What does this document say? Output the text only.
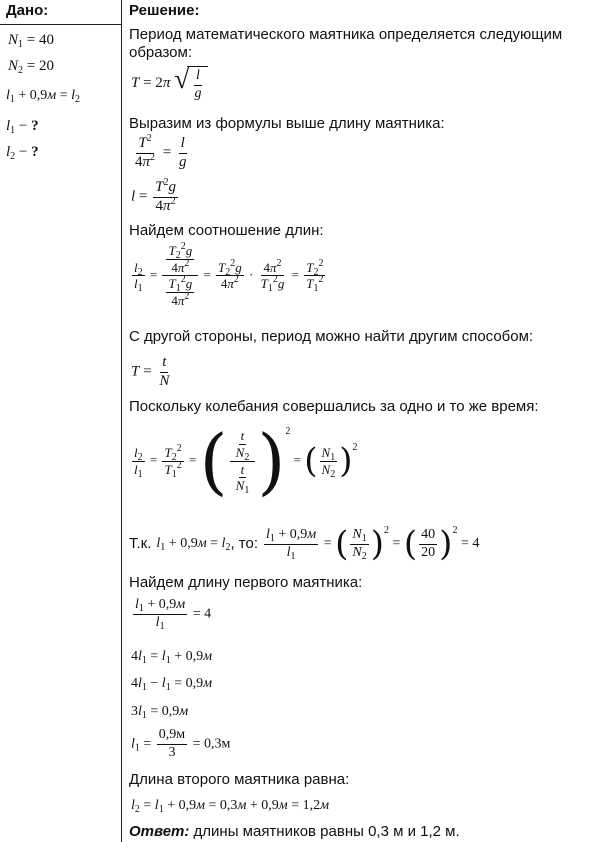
Дано:	Решение:
$N_1 = 40$
$N_2 = 20$
$l_1 + 0,9м = l_2$
$l_1$ − ?
$l_2$ − ?
Период математического маятника определяется следующим
образом:
T = 2π √ $\frac{l}{g}$
Выразим из формулы выше длину маятника:
$\frac{T^2}{4\pi^2} = \frac{l}{g}$
$l = \frac{T^2g}{4\pi^2}$
Найдем соотношение длин:
$\frac{l_2}{l_1} = \frac{\frac{T_2^2g}{4\pi^2}}{\frac{T_1^2g}{4\pi^2}} = \frac{T_2^2g}{4\pi^2} \cdot \frac{4\pi^2}{T_1^2g} = \frac{T_2^2}{T_1^2}$
С другой стороны, период можно найти другим способом:
$T = \frac{t}{N}$
Поскольку колебания совершались за одно и то же время:
$\frac{l_2}{l_1} = \frac{T_2^2}{T_1^2}$ = ( $\frac{\frac{t}{N_2}}{\frac{t}{N_1}}$ ) $^2$ = ( $\frac{N_1}{N_2}$ ) $^2$
Т.к. $l_1 + 0,9м = l_2$ , то: $\frac{l_1 + 0,9м}{l_1}$ = ( $\frac{N_1}{N_2}$ ) $^2$ = ( $\frac{40}{20}$ ) $^2$ = 4
Найдем длину первого маятника:
$\frac{l_1 + 0,9м}{l_1} = 4$
$4l_1 = l_1 + 0,9м$
$4l_1 - l_1 = 0,9м$
$3l_1 = 0,9м$
$l_1 = \frac{0,9м}{3} = 0,3м$
Длина второго маятника равна:
$l_2 = l_1 + 0,9м = 0,3м + 0,9м = 1,2м$
Ответ: длины маятников равны 0,3 м и 1,2 м.
